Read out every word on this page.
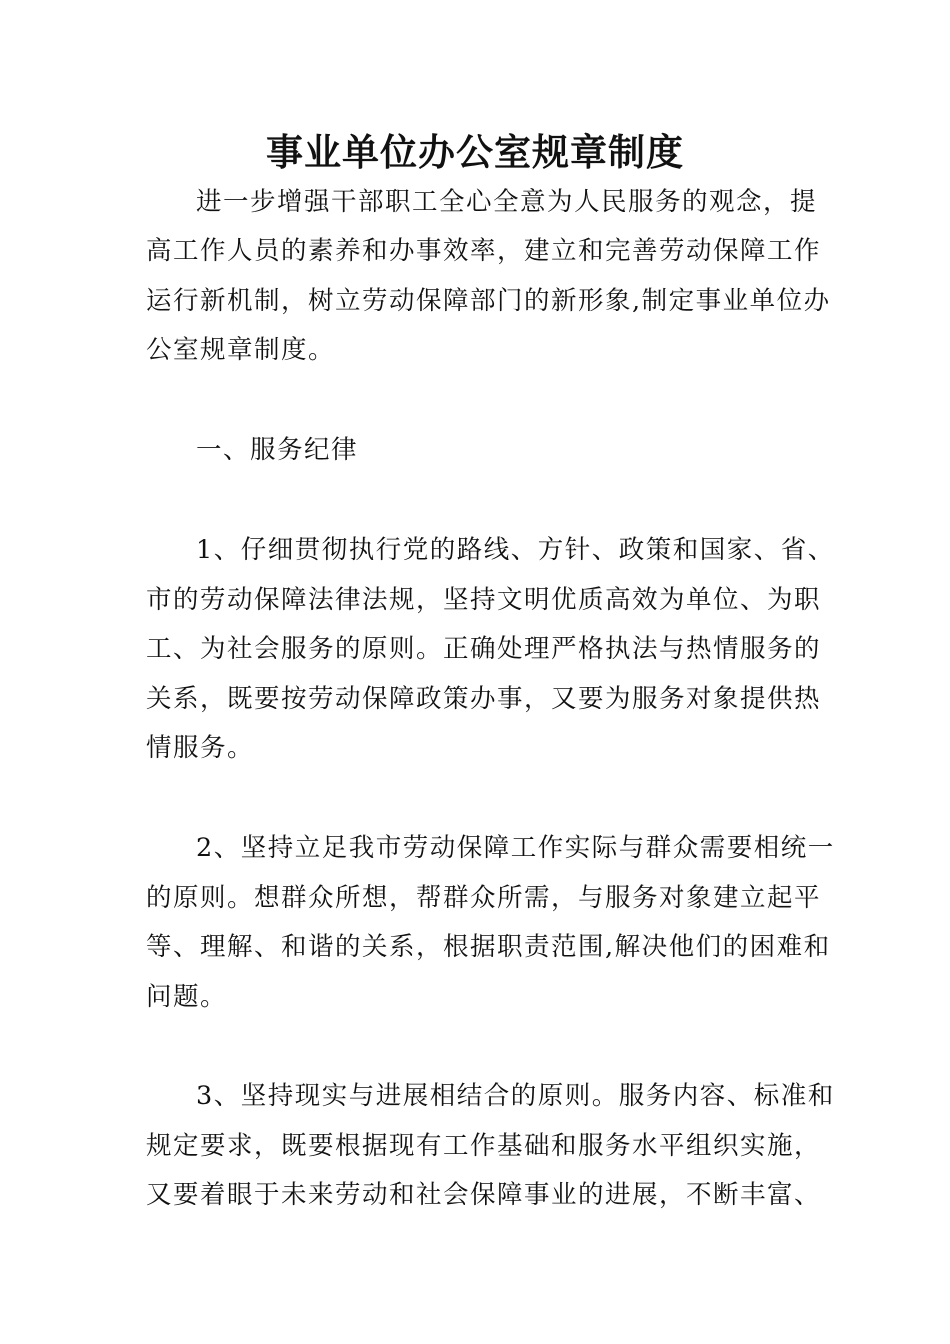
事业单位办公室规章制度
进一步增强干部职工全心全意为人民服务的观念，提
高工作人员的素养和办事效率，建立和完善劳动保障工作
运行新机制，树立劳动保障部门的新形象,制定事业单位办
公室规章制度。
一、服务纪律
1、仔细贯彻执行党的路线、方针、政策和国家、省、
市的劳动保障法律法规，坚持文明优质高效为单位、为职
工、为社会服务的原则。正确处理严格执法与热情服务的
关系，既要按劳动保障政策办事，又要为服务对象提供热
情服务。
2、坚持立足我市劳动保障工作实际与群众需要相统一
的原则。想群众所想，帮群众所需，与服务对象建立起平
等、理解、和谐的关系，根据职责范围,解决他们的困难和
问题。
3、坚持现实与进展相结合的原则。服务内容、标准和
规定要求，既要根据现有工作基础和服务水平组织实施，
又要着眼于未来劳动和社会保障事业的进展，不断丰富、
